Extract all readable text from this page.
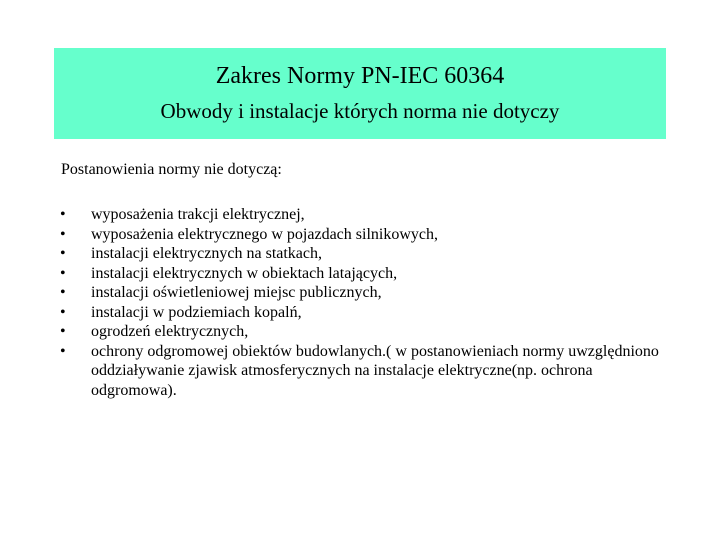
Zakres Normy PN-IEC 60364
Obwody i instalacje których norma nie dotyczy
Postanowienia normy nie dotyczą:
• wyposażenia trakcji elektrycznej,
• wyposażenia elektrycznego w pojazdach silnikowych,
• instalacji elektrycznych na statkach,
• instalacji elektrycznych w obiektach latających,
• instalacji oświetleniowej miejsc publicznych,
• instalacji w podziemiach kopalń,
• ogrodzeń elektrycznych,
• ochrony odgromowej obiektów budowlanych.( w postanowieniach normy uwzględniono oddziaływanie zjawisk atmosferycznych na instalacje elektryczne(np. ochrona odgromowa).
